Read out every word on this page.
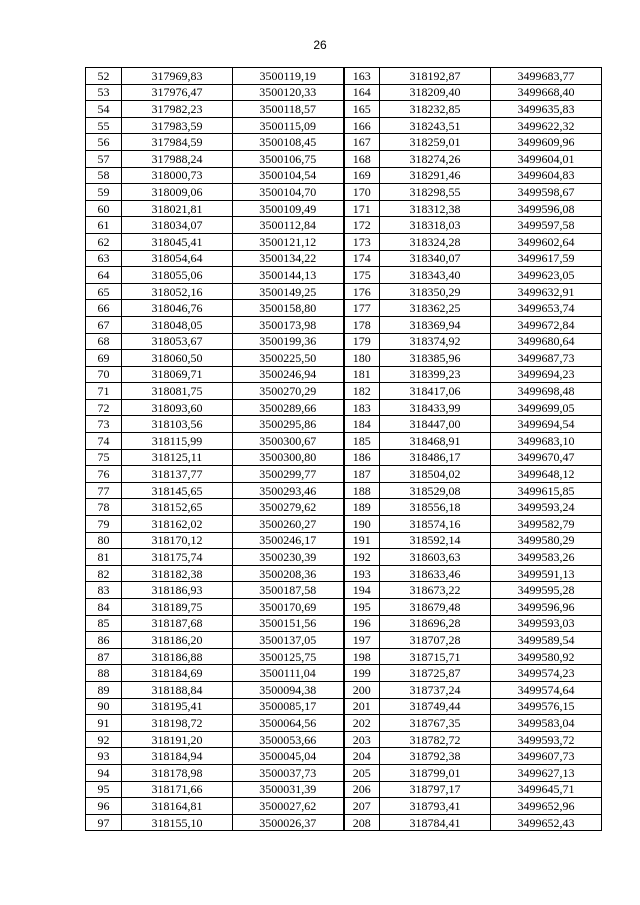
26
52	317969,83	3500119,19	163	318192,87	3499683,77
53	317976,47	3500120,33	164	318209,40	3499668,40
54	317982,23	3500118,57	165	318232,85	3499635,83
55	317983,59	3500115,09	166	318243,51	3499622,32
56	317984,59	3500108,45	167	318259,01	3499609,96
57	317988,24	3500106,75	168	318274,26	3499604,01
58	318000,73	3500104,54	169	318291,46	3499604,83
59	318009,06	3500104,70	170	318298,55	3499598,67
60	318021,81	3500109,49	171	318312,38	3499596,08
61	318034,07	3500112,84	172	318318,03	3499597,58
62	318045,41	3500121,12	173	318324,28	3499602,64
63	318054,64	3500134,22	174	318340,07	3499617,59
64	318055,06	3500144,13	175	318343,40	3499623,05
65	318052,16	3500149,25	176	318350,29	3499632,91
66	318046,76	3500158,80	177	318362,25	3499653,74
67	318048,05	3500173,98	178	318369,94	3499672,84
68	318053,67	3500199,36	179	318374,92	3499680,64
69	318060,50	3500225,50	180	318385,96	3499687,73
70	318069,71	3500246,94	181	318399,23	3499694,23
71	318081,75	3500270,29	182	318417,06	3499698,48
72	318093,60	3500289,66	183	318433,99	3499699,05
73	318103,56	3500295,86	184	318447,00	3499694,54
74	318115,99	3500300,67	185	318468,91	3499683,10
75	318125,11	3500300,80	186	318486,17	3499670,47
76	318137,77	3500299,77	187	318504,02	3499648,12
77	318145,65	3500293,46	188	318529,08	3499615,85
78	318152,65	3500279,62	189	318556,18	3499593,24
79	318162,02	3500260,27	190	318574,16	3499582,79
80	318170,12	3500246,17	191	318592,14	3499580,29
81	318175,74	3500230,39	192	318603,63	3499583,26
82	318182,38	3500208,36	193	318633,46	3499591,13
83	318186,93	3500187,58	194	318673,22	3499595,28
84	318189,75	3500170,69	195	318679,48	3499596,96
85	318187,68	3500151,56	196	318696,28	3499593,03
86	318186,20	3500137,05	197	318707,28	3499589,54
87	318186,88	3500125,75	198	318715,71	3499580,92
88	318184,69	3500111,04	199	318725,87	3499574,23
89	318188,84	3500094,38	200	318737,24	3499574,64
90	318195,41	3500085,17	201	318749,44	3499576,15
91	318198,72	3500064,56	202	318767,35	3499583,04
92	318191,20	3500053,66	203	318782,72	3499593,72
93	318184,94	3500045,04	204	318792,38	3499607,73
94	318178,98	3500037,73	205	318799,01	3499627,13
95	318171,66	3500031,39	206	318797,17	3499645,71
96	318164,81	3500027,62	207	318793,41	3499652,96
97	318155,10	3500026,37	208	318784,41	3499652,43
